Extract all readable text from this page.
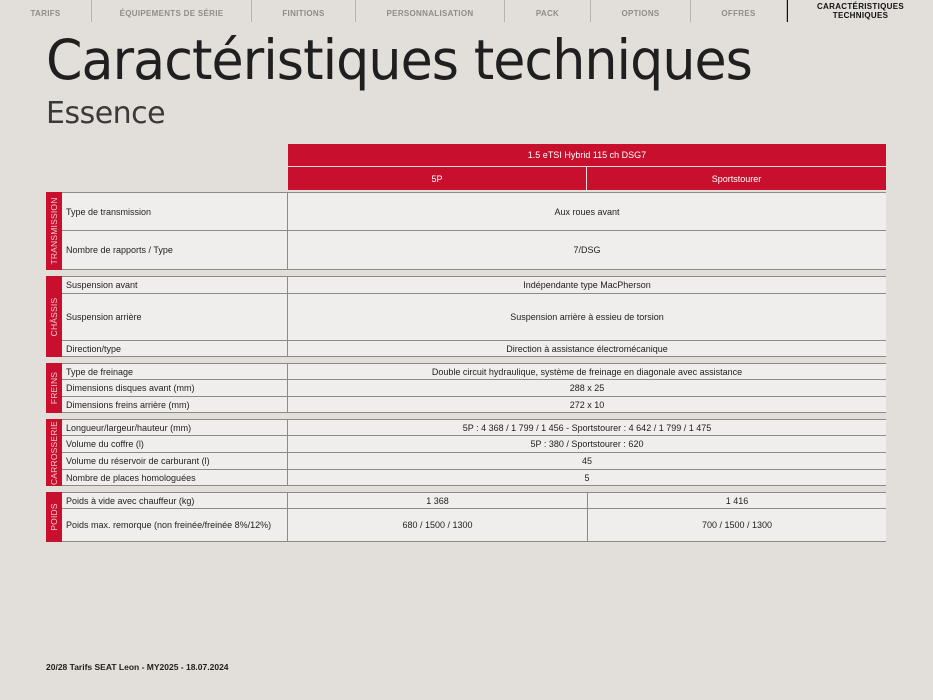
TARIFS	ÉQUIPEMENTS DE SÉRIE	FINITIONS	PERSONNALISATION	PACK	OPTIONS	OFFRES
CARACTÉRISTIQUES
TECHNIQUES
Caractéristiques techniques
Essence
1.5 eTSI Hybrid 115 ch DSG7
5P	Sportstourer
TRANSMISSION Type de transmission	Aux roues avant
Nombre de rapports / Type	7/DSG
CHÂSSIS
Suspension avant	Indépendante type MacPherson
Suspension arrière	Suspension arrière à essieu de torsion
Direction/type	Direction à assistance électromécanique
FREINS
Type de freinage	Double circuit hydraulique, système de freinage en diagonale avec assistance
Dimensions disques avant (mm)	288 x 25
Dimensions freins arrière (mm)	272 x 10
CARROSSERIE Longueur/largeur/hauteur (mm)	5P : 4 368 / 1 799 / 1 456 - Sportstourer : 4 642 / 1 799 / 1 475
Volume du coffre (l)	5P : 380 / Sportstourer : 620
Volume du réservoir de carburant (l)	45
Nombre de places homologuées	5
POIDS
Poids à vide avec chauffeur (kg)	1 368	1 416
Poids max. remorque (non freinée/freinée 8%/12%)	680 / 1500 / 1300	700 / 1500 / 1300
20/28 Tarifs SEAT Leon - MY2025 - 18.07.2024
